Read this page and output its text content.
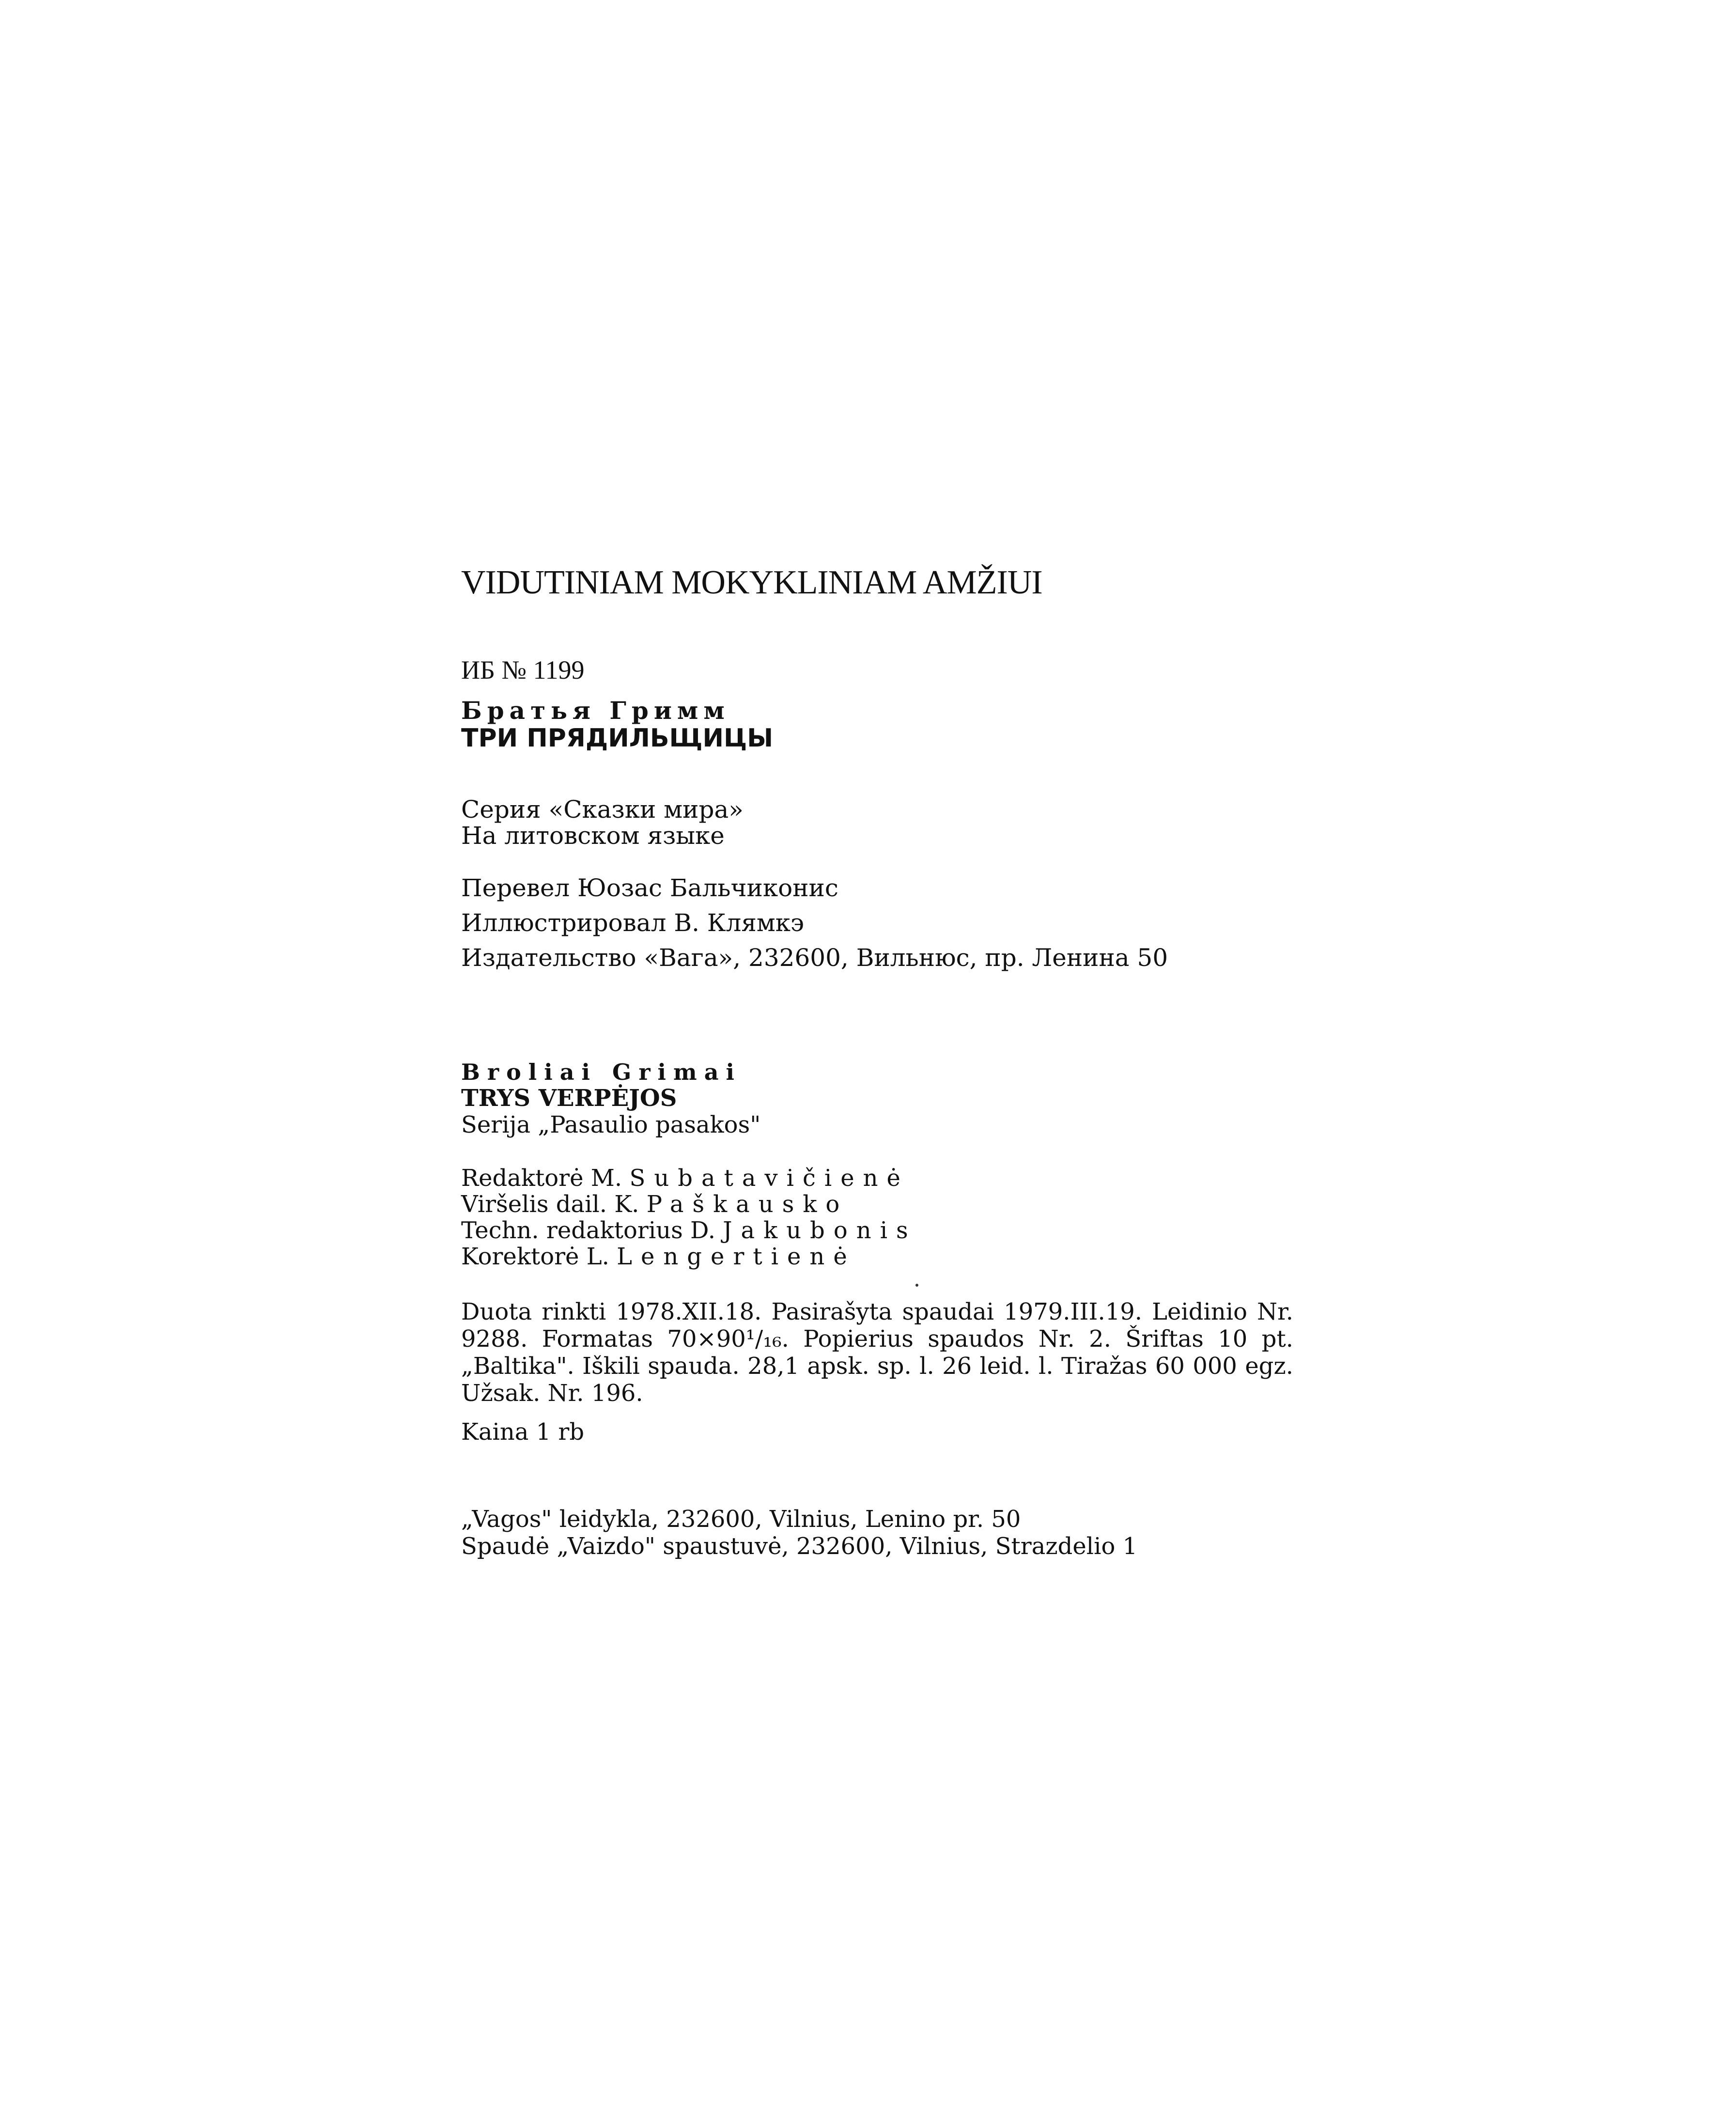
VIDUTINIAM MOKYKLINIAM AMŽIUI
ИБ № 1199
Братья Гримм
ТРИ ПРЯДИЛЬЩИЦЫ
Серия «Сказки мира»
На литовском языке
Перевел Юозас Бальчиконис
Иллюстрировал В. Клямкэ
Издательство «Вага», 232600, Вильнюс, пр. Ленина 50
Broliai Grimai
TRYS VERPĖJOS
Serija „Pasaulio pasakos"
Redaktorė M. Subatavičienė
Viršelis dail. K. Paškausko
Techn. redaktorius D. Jakubonis
Korektorė L. Lengertienė
Duota rinkti 1978.XII.18. Pasirašyta spaudai 1979.III.19. Leidinio Nr. 9288. Formatas 70×90¹/₁₆. Popierius spaudos Nr. 2. Šriftas 10 pt. „Baltika". Iškili spauda. 28,1 apsk. sp. l. 26 leid. l. Tiražas 60 000 egz. Užsak. Nr. 196.
Kaina 1 rb
„Vagos" leidykla, 232600, Vilnius, Lenino pr. 50
Spaudė „Vaizdo" spaustuvė, 232600, Vilnius, Strazdelio 1
